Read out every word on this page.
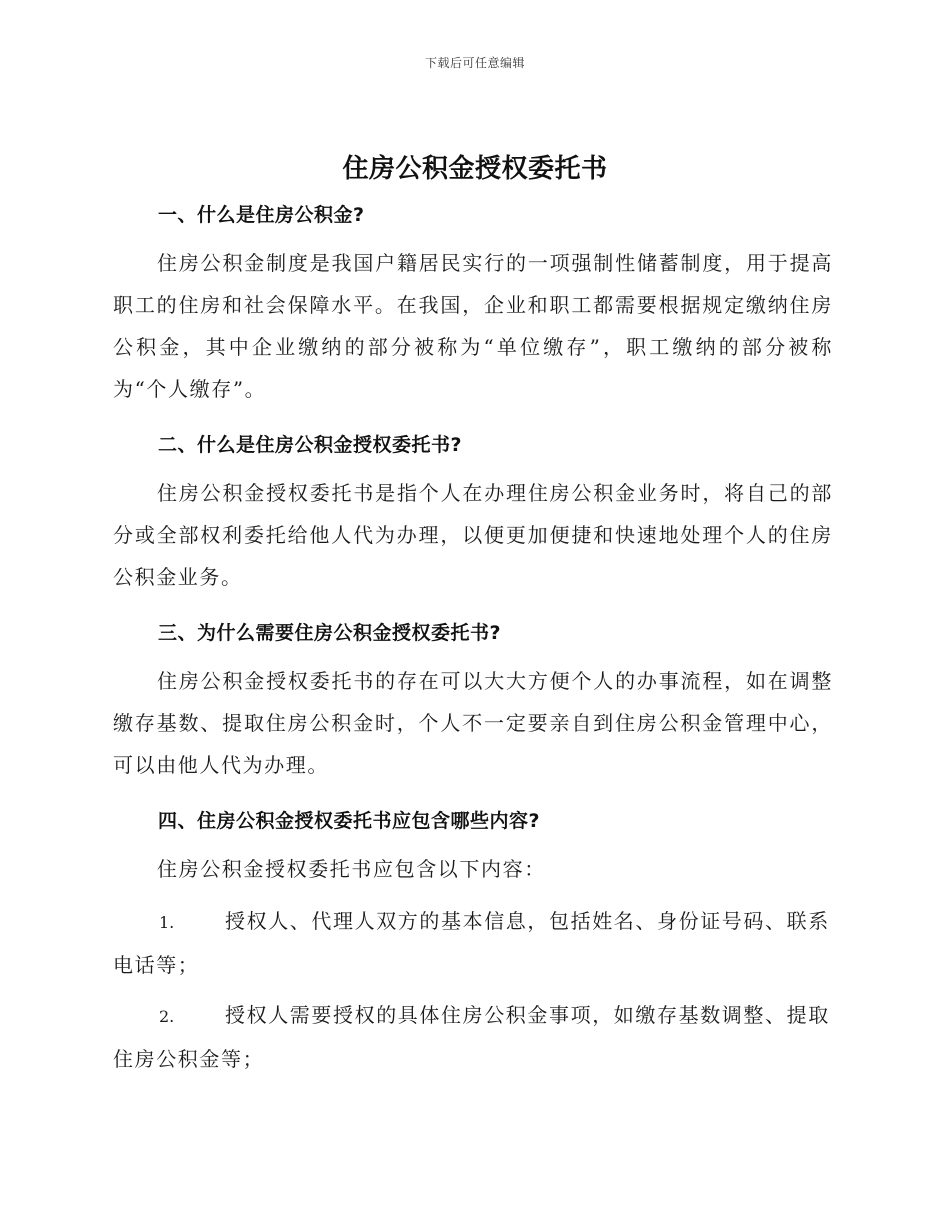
下载后可任意编辑
住房公积金授权委托书
一、什么是住房公积金?

住房公积金制度是我国户籍居民实行的一项强制性储蓄制度，用于提高职工的住房和社会保障水平。在我国，企业和职工都需要根据规定缴纳住房公积金，其中企业缴纳的部分被称为“单位缴存”，职工缴纳的部分被称为“个人缴存”。

二、什么是住房公积金授权委托书?

住房公积金授权委托书是指个人在办理住房公积金业务时，将自己的部分或全部权利委托给他人代为办理，以便更加便捷和快速地处理个人的住房公积金业务。

三、为什么需要住房公积金授权委托书?

住房公积金授权委托书的存在可以大大方便个人的办事流程，如在调整缴存基数、提取住房公积金时，个人不一定要亲自到住房公积金管理中心，可以由他人代为办理。

四、住房公积金授权委托书应包含哪些内容?

住房公积金授权委托书应包含以下内容：

1.	授权人、代理人双方的基本信息，包括姓名、身份证号码、联系电话等；

2.	授权人需要授权的具体住房公积金事项，如缴存基数调整、提取住房公积金等；
